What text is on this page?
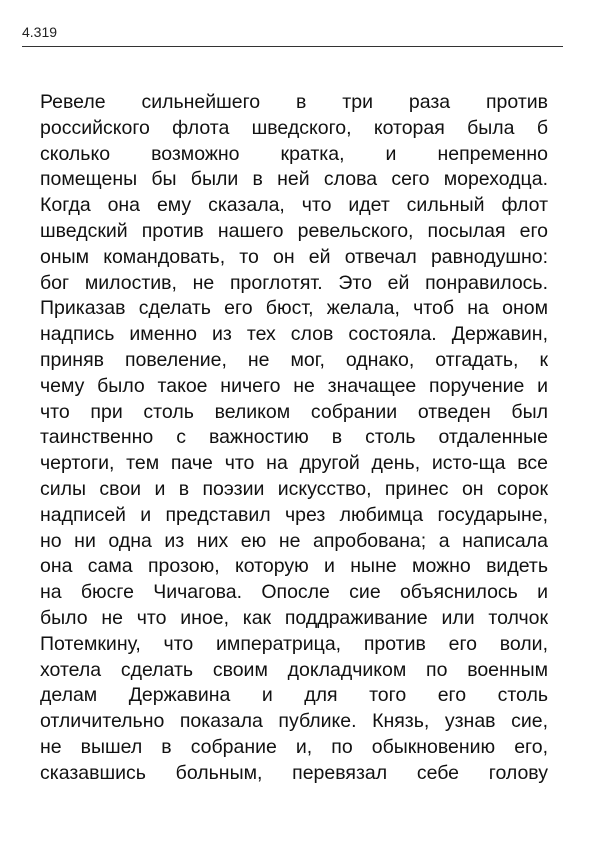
4.319
Ревеле сильнейшего в три раза против
российского флота шведского, которая была б
сколько возможно кратка, и непременно
помещены бы были в ней слова сего мореходца.
Когда она ему сказала, что идет сильный флот
шведский против нашего ревельского, посылая его
оным командовать, то он ей отвечал равнодушно:
бог милостив, не проглотят. Это ей понравилось.
Приказав сделать его бюст, желала, чтоб на оном
надпись именно из тех слов состояла. Державин,
приняв повеление, не мог, однако, отгадать, к
чему было такое ничего не значащее поручение и
что при столь великом собрании отведен был
таинственно с важностию в столь отдаленные
чертоги, тем паче что на другой день, исто-ща все
силы свои и в поэзии искусство, принес он сорок
надписей и представил чрез любимца государыне,
но ни одна из них ею не апробована; а написала
она сама прозою, которую и ныне можно видеть
на бюсге Чичагова. Опосле сие объяснилось и
было не что иное, как поддраживание или толчок
Потемкину, что императрица, против его воли,
хотела сделать своим докладчиком по военным
делам Державина и для того его столь
отличительно показала публике. Князь, узнав сие,
не вышел в собрание и, по обыкновению его,
сказавшись больным, перевязал себе голову
